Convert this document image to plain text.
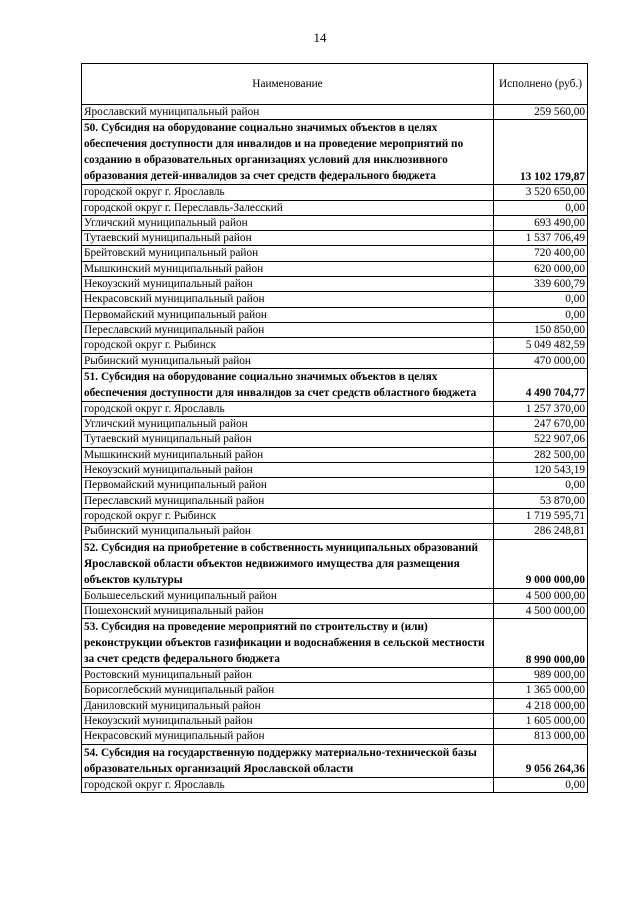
14
Наименование	Исполнено (руб.)
Ярославский муниципальный район	259 560,00
50. Субсидия на оборудование социально значимых объектов в целях обеспечения доступности для инвалидов и на проведение мероприятий по созданию в образовательных организациях условий для инклюзивного образования детей-инвалидов за счет средств федерального бюджета	13 102 179,87
городской округ г. Ярославль	3 520 650,00
городской округ г. Переславль-Залесский	0,00
Угличский муниципальный район	693 490,00
Тутаевский муниципальный район	1 537 706,49
Брейтовский муниципальный район	720 400,00
Мышкинский муниципальный район	620 000,00
Некоузский муниципальный район	339 600,79
Некрасовский муниципальный район	0,00
Первомайский муниципальный район	0,00
Переславский муниципальный район	150 850,00
городской округ г. Рыбинск	5 049 482,59
Рыбинский муниципальный район	470 000,00
51. Субсидия на оборудование социально значимых объектов в целях обеспечения доступности для инвалидов за счет средств областного бюджета	4 490 704,77
городской округ г. Ярославль	1 257 370,00
Угличский муниципальный район	247 670,00
Тутаевский муниципальный район	522 907,06
Мышкинский муниципальный район	282 500,00
Некоузский муниципальный район	120 543,19
Первомайский муниципальный район	0,00
Переславский муниципальный район	53 870,00
городской округ г. Рыбинск	1 719 595,71
Рыбинский муниципальный район	286 248,81
52. Субсидия на приобретение в собственность муниципальных образований Ярославской области объектов недвижимого имущества для размещения объектов культуры	9 000 000,00
Большесельский муниципальный район	4 500 000,00
Пошехонский муниципальный район	4 500 000,00
53. Субсидия на проведение мероприятий по строительству и (или) реконструкции объектов газификации и водоснабжения в сельской местности за счет средств федерального бюджета	8 990 000,00
Ростовский муниципальный район	989 000,00
Борисоглебский муниципальный район	1 365 000,00
Даниловский муниципальный район	4 218 000,00
Некоузский муниципальный район	1 605 000,00
Некрасовский муниципальный район	813 000,00
54. Субсидия на государственную поддержку материально-технической базы образовательных организаций Ярославской области	9 056 264,36
городской округ г. Ярославль	0,00
